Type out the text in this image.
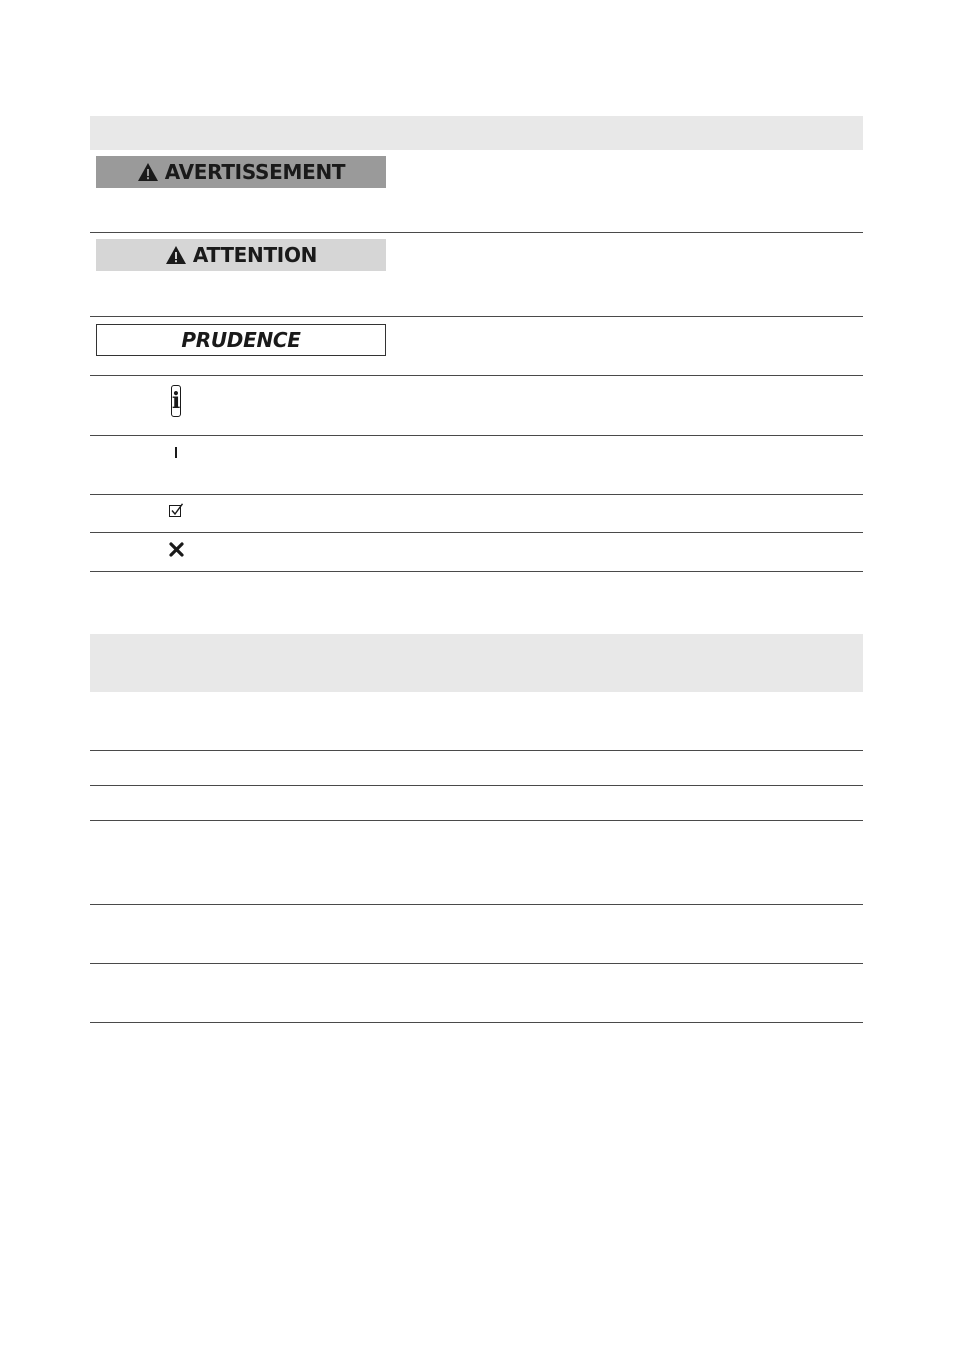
AVERTISSEMENT
ATTENTION
PRUDENCE
i
